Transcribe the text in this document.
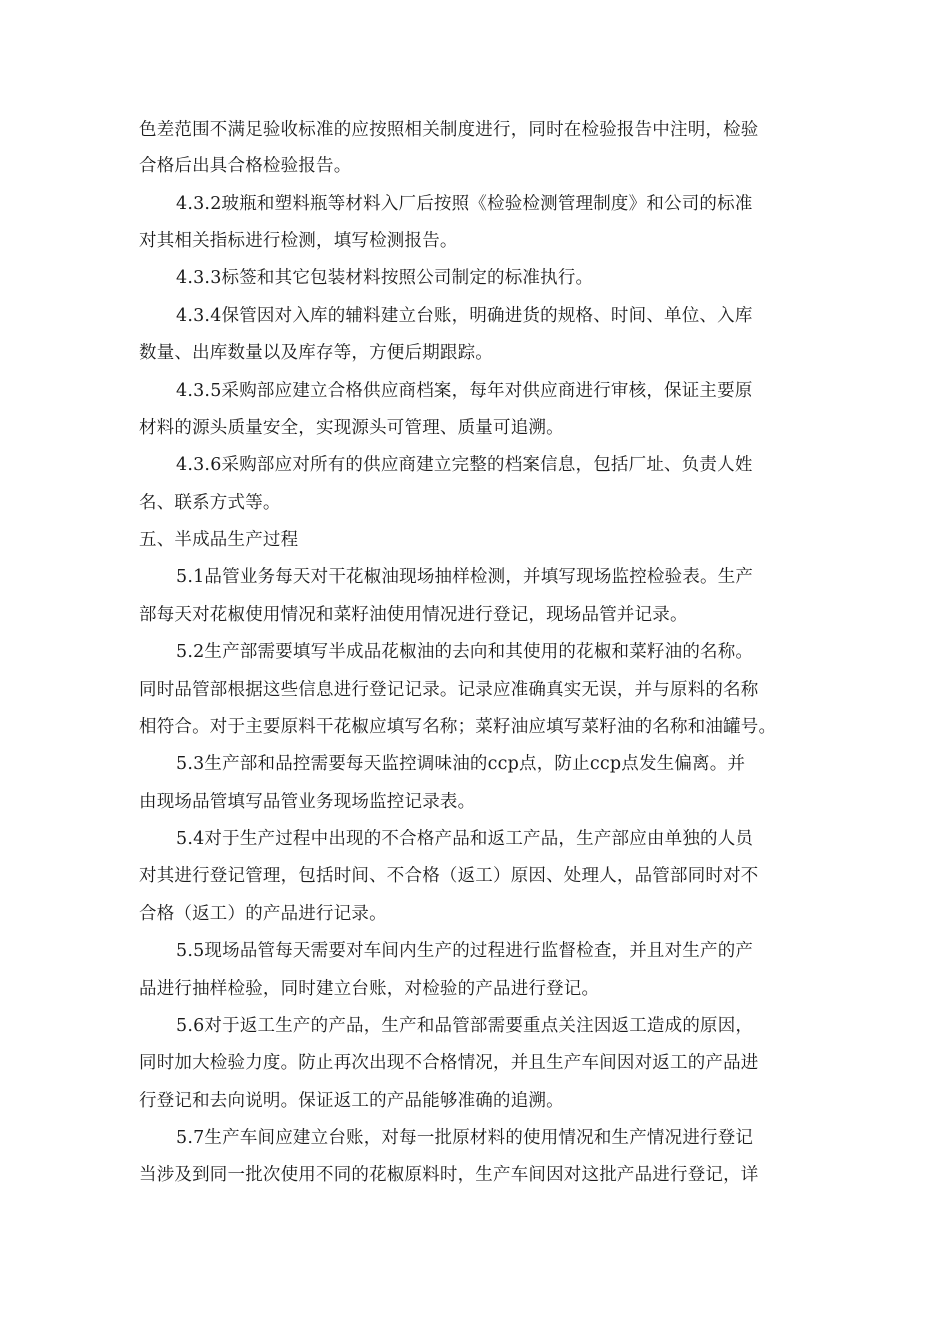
色差范围不满足验收标准的应按照相关制度进行，同时在检验报告中注明，检验
合格后出具合格检验报告。
4.3.2玻瓶和塑料瓶等材料入厂后按照《检验检测管理制度》和公司的标准
对其相关指标进行检测，填写检测报告。
4.3.3标签和其它包装材料按照公司制定的标准执行。
4.3.4保管因对入库的辅料建立台账，明确进货的规格、时间、单位、入库
数量、出库数量以及库存等，方便后期跟踪。
4.3.5采购部应建立合格供应商档案，每年对供应商进行审核，保证主要原
材料的源头质量安全，实现源头可管理、质量可追溯。
4.3.6采购部应对所有的供应商建立完整的档案信息，包括厂址、负责人姓
名、联系方式等。
五、半成品生产过程
5.1品管业务每天对干花椒油现场抽样检测，并填写现场监控检验表。生产
部每天对花椒使用情况和菜籽油使用情况进行登记，现场品管并记录。
5.2生产部需要填写半成品花椒油的去向和其使用的花椒和菜籽油的名称。
同时品管部根据这些信息进行登记记录。记录应准确真实无误，并与原料的名称
相符合。对于主要原料干花椒应填写名称；菜籽油应填写菜籽油的名称和油罐号。
5.3生产部和品控需要每天监控调味油的ccp点，防止ccp点发生偏离。并
由现场品管填写品管业务现场监控记录表。
5.4对于生产过程中出现的不合格产品和返工产品，生产部应由单独的人员
对其进行登记管理，包括时间、不合格（返工）原因、处理人，品管部同时对不
合格（返工）的产品进行记录。
5.5现场品管每天需要对车间内生产的过程进行监督检查，并且对生产的产
品进行抽样检验，同时建立台账，对检验的产品进行登记。
5.6对于返工生产的产品，生产和品管部需要重点关注因返工造成的原因，
同时加大检验力度。防止再次出现不合格情况，并且生产车间因对返工的产品进
行登记和去向说明。保证返工的产品能够准确的追溯。
5.7生产车间应建立台账，对每一批原材料的使用情况和生产情况进行登记
当涉及到同一批次使用不同的花椒原料时，生产车间因对这批产品进行登记，详
